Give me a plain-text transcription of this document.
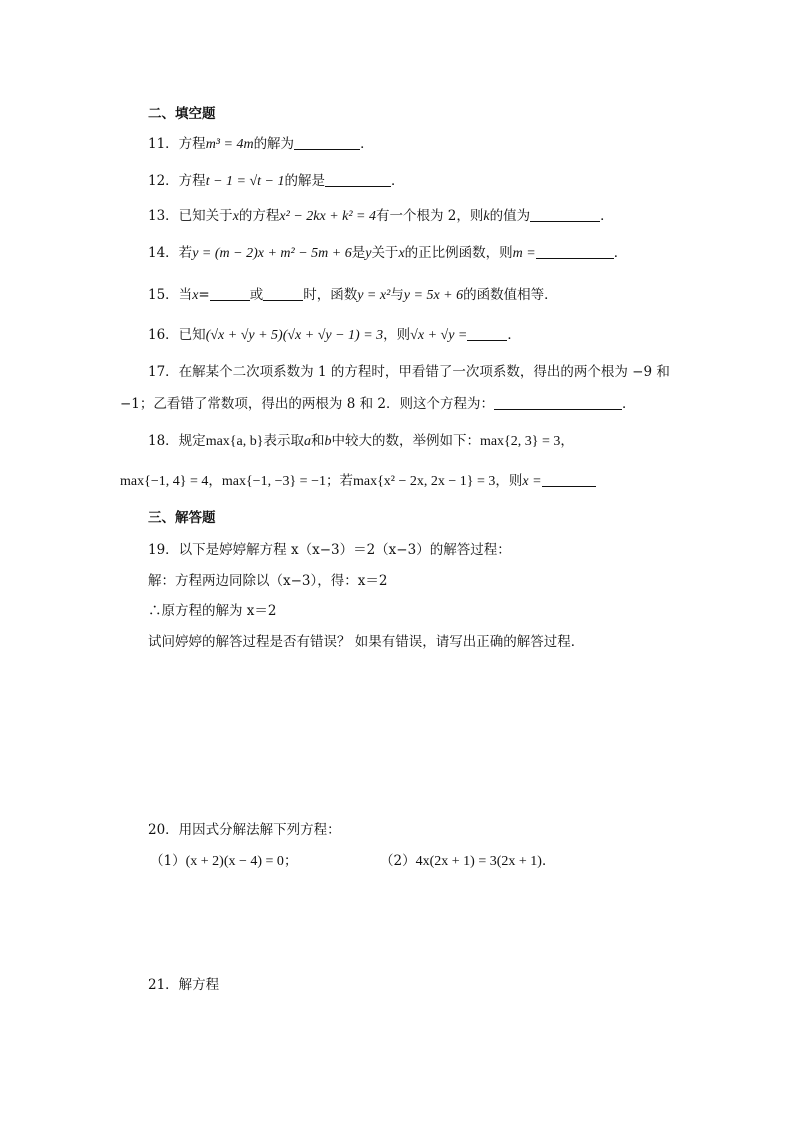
二、填空题
11．方程m³ = 4m的解为	．
12．方程t − 1 = √t − 1的解是	．
13．已知关于x的方程x² − 2kx + k² = 4有一个根为 2，则k的值为	．
14．若y = (m − 2)x + m² − 5m + 6是y关于x的正比例函数，则m =	．
15．当x=	或	时，函数y = x²与y = 5x + 6的函数值相等．
16．已知(√x + √y + 5)(√x + √y − 1) = 3，则√x + √y =	．
17．在解某个二次项系数为 1 的方程时，甲看错了一次项系数，得出的两个根为 −9 和
−1；乙看错了常数项，得出的两根为 8 和 2．则这个方程为：	．
18．规定max{a, b}表示取a和b中较大的数，举例如下：max{2, 3} = 3，
max{−1, 4} = 4，max{−1, −3} = −1；若max{x² − 2x, 2x − 1} = 3，则x =
三、解答题
19．以下是婷婷解方程 x（x−3）＝2（x−3）的解答过程：
解：方程两边同除以（x−3），得：x＝2
∴原方程的解为 x＝2
试问婷婷的解答过程是否有错误？ 如果有错误，请写出正确的解答过程．
20．用因式分解法解下列方程：
（1）(x + 2)(x − 4) = 0；	（2）4x(2x + 1) = 3(2x + 1)．
21．解方程
